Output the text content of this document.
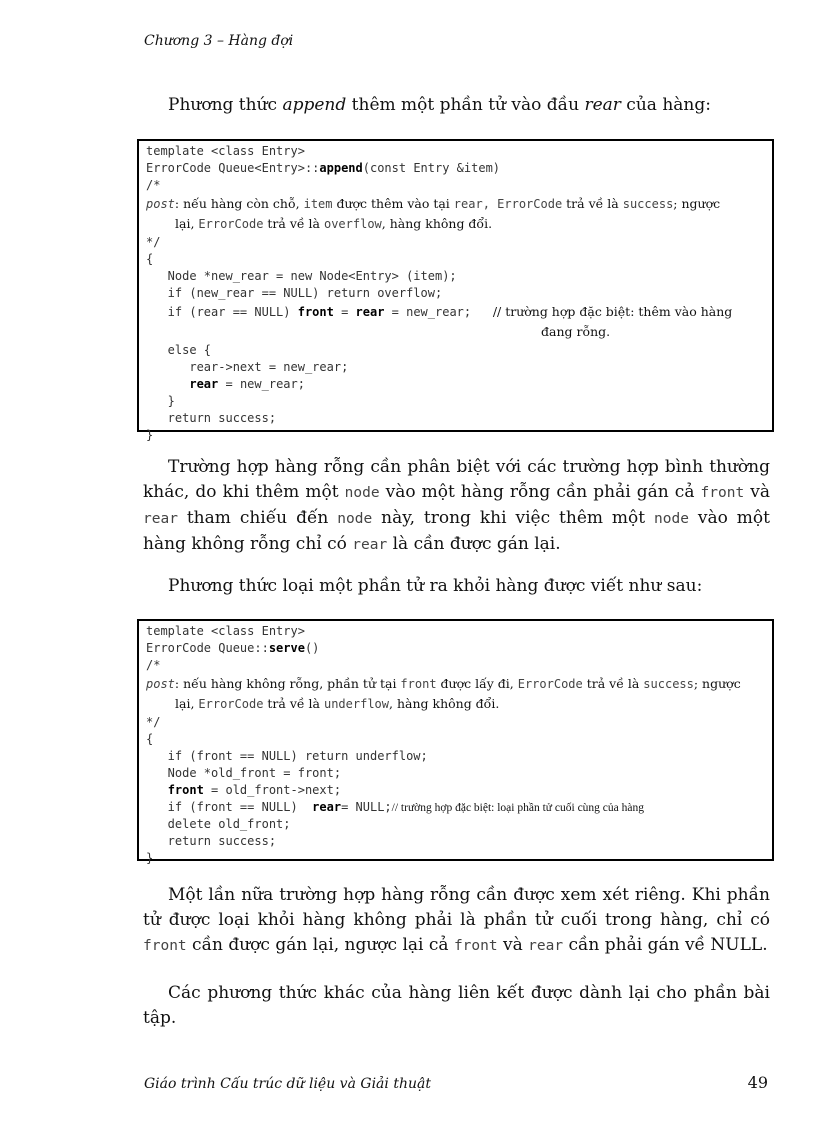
Chương 3 – Hàng đợi
Phương thức append thêm một phần tử vào đầu rear của hàng:
template <class Entry>
ErrorCode Queue<Entry>::append(const Entry &item)
/*
post: nếu hàng còn chỗ, item được thêm vào tại rear, ErrorCode trả về là success; ngược
lại, ErrorCode trả về là overflow, hàng không đổi.
*/
{
Node *new_rear = new Node<Entry> (item);
if (new_rear == NULL) return overflow;
if (rear == NULL) front = rear = new_rear;   // trường hợp đặc biệt: thêm vào hàng
đang rỗng.
else {
rear->next = new_rear;
rear = new_rear;
}
return success;
}
Trường hợp hàng rỗng cần phân biệt với các trường hợp bình thường khác, do khi thêm một node vào một hàng rỗng cần phải gán cả front và rear tham chiếu đến node này, trong khi việc thêm một node vào một hàng không rỗng chỉ có rear là cần được gán lại.
Phương thức loại một phần tử ra khỏi hàng được viết như sau:
template <class Entry>
ErrorCode Queue::serve()
/*
post: nếu hàng không rỗng, phần tử tại front được lấy đi, ErrorCode trả về là success; ngược
lại, ErrorCode trả về là underflow, hàng không đổi.
*/
{
if (front == NULL) return underflow;
Node *old_front = front;
front = old_front->next;
if (front == NULL)  rear= NULL;// trường hợp đặc biệt: loại phần tử cuối cùng của hàng
delete old_front;
return success;
}
Một lần nữa trường hợp hàng rỗng cần được xem xét riêng. Khi phần tử được loại khỏi hàng không phải là phần tử cuối trong hàng, chỉ có front cần được gán lại, ngược lại cả front và rear cần phải gán về NULL.
Các phương thức khác của hàng liên kết được dành lại cho phần bài tập.
Giáo trình Cấu trúc dữ liệu và Giải thuật	49
